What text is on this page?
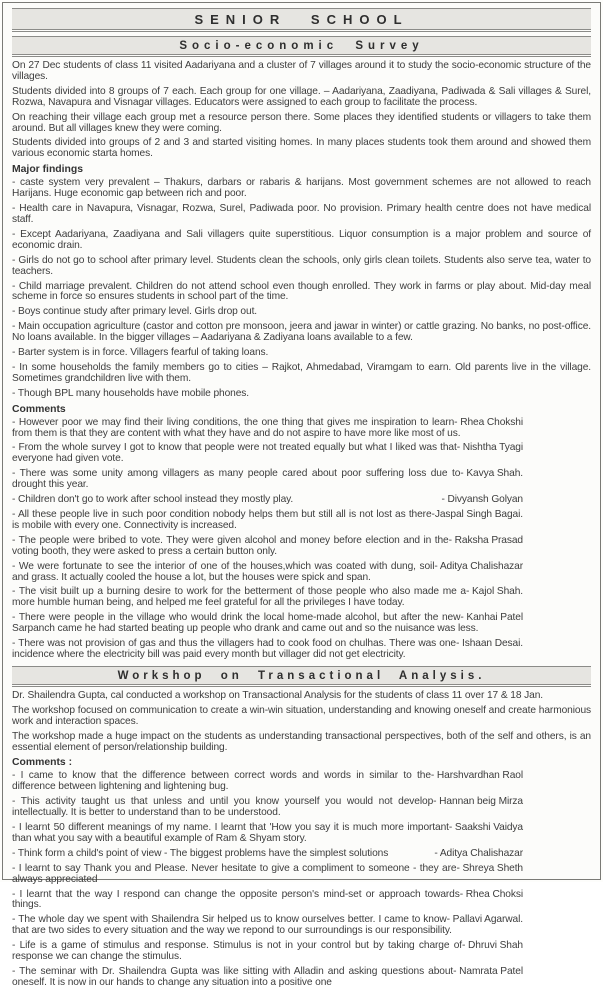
SENIOR SCHOOL
Socio-economic Survey

On 27 Dec students of class 11 visited Aadariyana and a cluster of 7 villages around it to study the socio-economic structure of the villages.

Students divided into 8 groups of 7 each. Each group for one village. – Aadariyana, Zaadiyana, Padiwada & Sali villages & Surel, Rozwa, Navapura and Visnagar villages. Educators were assigned to each group to facilitate the process.

On reaching their village each group met a resource person there. Some places they identified students or villagers to take them around. But all villages knew they were coming.

Students divided into groups of 2 and 3 and started visiting homes. In many places students took them around and showed them various economic starta homes.

Major findings
- caste system very prevalent – Thakurs, darbars or rabaris & harijans. Most government schemes are not allowed to reach Harijans. Huge economic gap between rich and poor.
- Health care in Navapura, Visnagar, Rozwa, Surel, Padiwada poor. No provision. Primary health centre does not have medical staff.
- Except Aadariyana, Zaadiyana and Sali villagers quite superstitious. Liquor consumption is a major problem and source of economic drain.
- Girls do not go to school after primary level. Students clean the schools, only girls clean toilets. Students also serve tea, water to teachers.
- Child marriage prevalent. Children do not attend school even though enrolled. They work in farms or play about. Mid-day meal scheme in force so ensures students in school part of the time.
- Boys continue study after primary level. Girls drop out.
- Main occupation agriculture (castor and cotton pre monsoon, jeera and jawar in winter) or cattle grazing. No banks, no post-office. No loans available. In the bigger villages – Aadariyana & Zadiyana loans available to a few.
- Barter system is in force. Villagers fearful of taking loans.
- In some households the family members go to cities – Rajkot, Ahmedabad, Viramgam to earn. Old parents live in the village. Sometimes grandchildren live with them.
- Though BPL many households have mobile phones.
Comments
- Rhea Chokshi
- However poor we may find their living conditions, the one thing that gives me inspiration to learn from them is that they are content with what they have and do not aspire to have more like most of us.
- Nishtha Tyagi
- From the whole survey I got to know that people were not treated equally but what I liked was that everyone had given vote.
- Kavya Shah.
- There was some unity among villagers as many people cared about poor suffering loss due to drought this year.
- Divyansh Golyan
- Children don't go to work after school instead they mostly play.
-Jaspal Singh Bagai.
- All these people live in such poor condition nobody helps them but still all is not lost as there is mobile with every one. Connectivity is increased.
- Raksha Prasad
- The people were bribed to vote. They were given alcohol and money before election and in the voting booth, they were asked to press a certain button only.
- Aditya Chalishazar
- We were fortunate to see the interior of one of the houses,which was coated with dung, soil and grass. It actually cooled the house a lot, but the houses were spick and span.
- Kajol Shah.
- The visit built up a burning desire to work for the betterment of those people who also made me a more humble human being, and helped me feel grateful for all the privileges I have today.
- Kanhai Patel
- There were people in the village who would drink the local home-made alcohol, but after the new Sarpanch came he had started beating up people who drank and came out and so the nuisance was less.
- Ishaan Desai.
- There was not provision of gas and thus the villagers had to cook food on chulhas. There was one incidence where the electricity bill was paid every month but villager did not get electricity.
Workshop on Transactional Analysis.

Dr. Shailendra Gupta, cal conducted a workshop on Transactional Analysis for the students of class 11 over 17 & 18 Jan.

The workshop focused on communication to create a win-win situation, understanding and knowing oneself and create harmonious work and interaction spaces.

The workshop made a huge impact on the students as understanding transactional perspectives, both of the self and others, is an essential element of person/relationship building.

Comments :
- Harshvardhan Raol
- I came to know that the difference between correct words and words in similar to the difference between lightening and lightening bug.
- Hannan beig Mirza
- This activity taught us that unless and until you know yourself you would not develop intellectually. It is better to understand than to be understood.
- Saakshi Vaidya
- I learnt 50 different meanings of my name. I learnt that 'How you say it is much more important than what you say with a beautiful example of Ram & Shyam story.
- Aditya Chalishazar
- Think form a child's point of view - The biggest problems have the simplest solutions
- Shreya Sheth
- I learnt to say Thank you and Please. Never hesitate to give a compliment to someone - they are always appreciated
- Rhea Choksi
- I learnt that the way I respond can change the opposite person's mind-set or approach towards things.
- Pallavi Agarwal.
- The whole day we spent with Shailendra Sir helped us to know ourselves better. I came to know that are two sides to every situation and the way we repond to our surroundings is our responsibility.
- Dhruvi Shah
- Life is a game of stimulus and response. Stimulus is not in your control but by taking charge of response we can change the stimulus.
- Namrata Patel
- The seminar with Dr. Shailendra Gupta was like sitting with Alladin and asking questions about oneself. It is now in our hands to change any situation into a positive one
